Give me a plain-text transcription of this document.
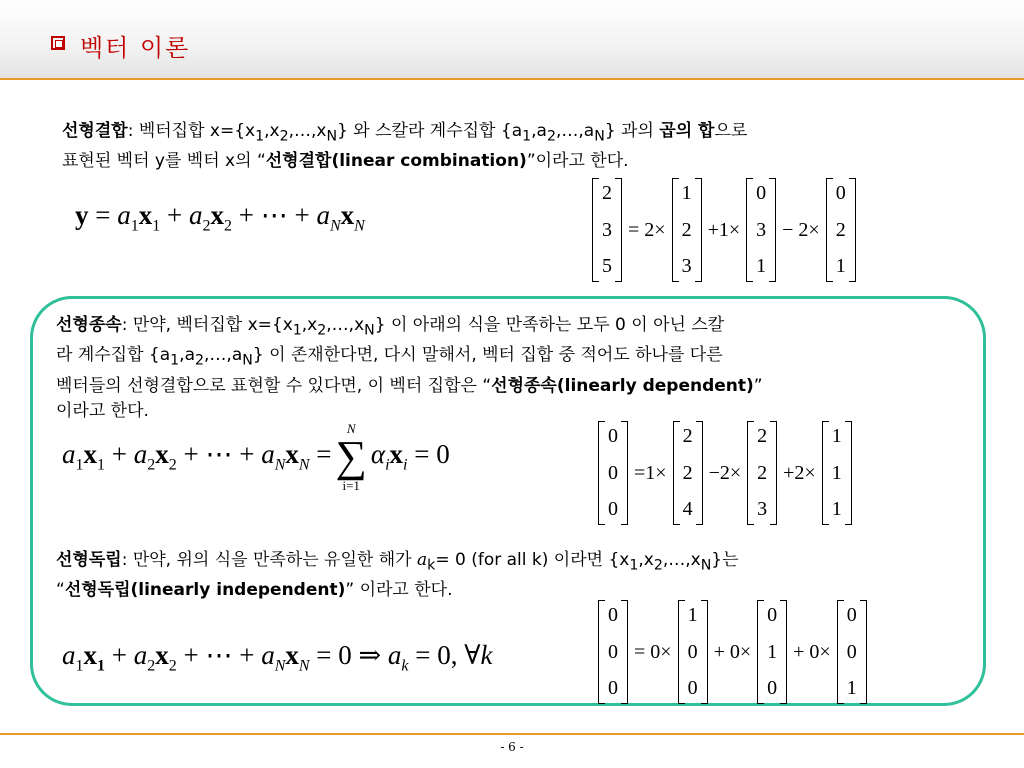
벡터 이론
선형결합: 벡터집합 $x=\{x_1,x_2,\dots,x_N\}$ 와 스칼라 계수집합 $\{a_1,a_2,\dots,a_N\}$ 과의 곱의 합으로
표현된 벡터 y를 벡터 x의 “선형결합(linear combination)”이라고 한다.
$y = a_1x_1 + a_2x_2$ + ⋯ + $a_Nx_N$
2
3
5
= 2×
1
2
3
+1×
0
3
1
− 2×
0
2
1
선형종속: 만약, 벡터집합 $x=\{x_1,x_2,\dots,x_N\}$ 이 아래의 식을 만족하는 모두 0 이 아닌 스칼
라 계수집합 $\{a_1,a_2,\dots,a_N\}$ 이 존재한다면, 다시 말해서, 벡터 집합 중 적어도 하나를 다른
벡터들의 선형결합으로 표현할 수 있다면, 이 벡터 집합은 “선형종속(linearly dependent)”
이라고 한다.
$a_1x_1 + a_2x_2$ + ⋯ + $a_Nx_N$ =
N
∑
i=1
$\alpha_ix_i = 0$
0
0
0
=1×
2
2
4
−2×
2
2
3
+2×
1
1
1
선형독립: 만약, 위의 식을 만족하는 유일한 해가 $a_k= 0$ (for all k) 이라면 $\{x_1,x_2,\dots,x_N\}$는
“선형독립(linearly independent)” 이라고 한다.
$a_1x_1 + a_2x_2$ + ⋯ + $a_Nx_N = 0$ ⇒ $a_k = 0$, ∀k
0
0
0
= 0×
1
0
0
+ 0×
0
1
0
+ 0×
0
0
1
- 6 -
